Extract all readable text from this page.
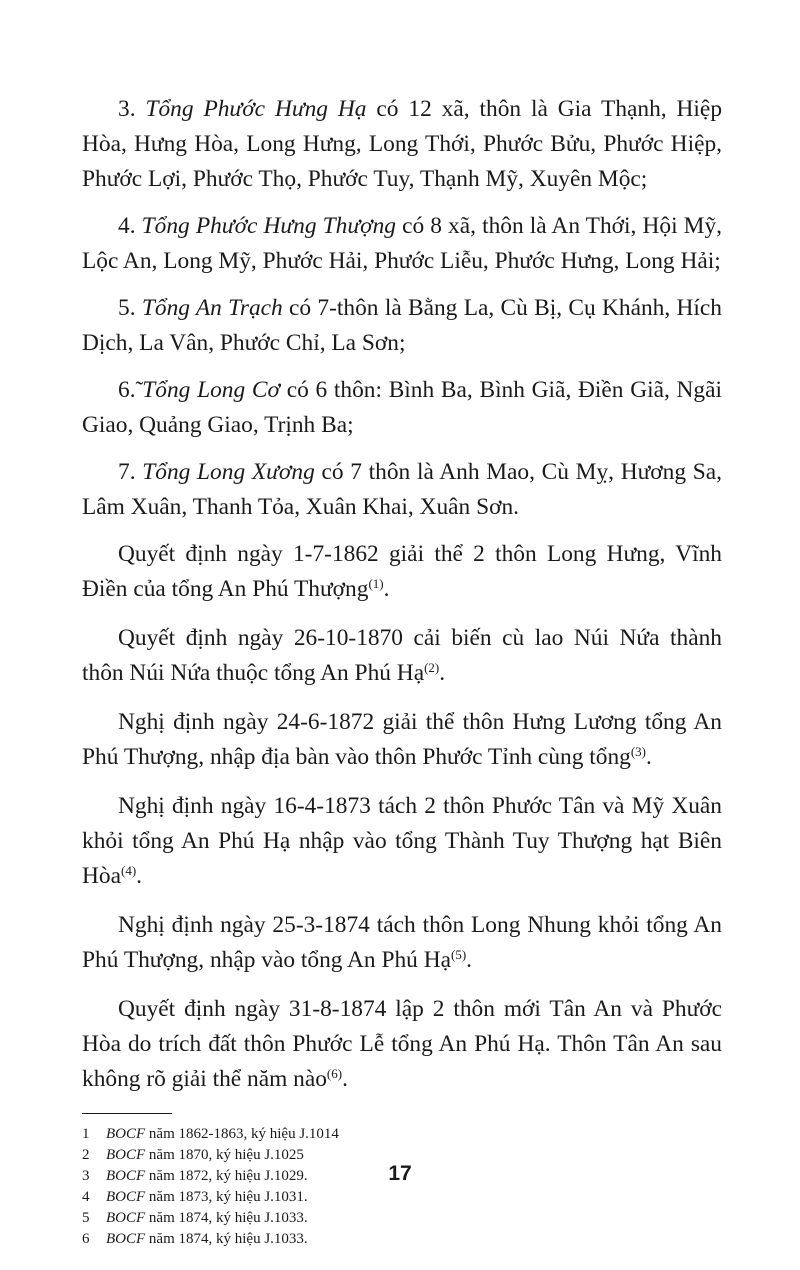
3. Tổng Phước Hưng Hạ có 12 xã, thôn là Gia Thạnh, Hiệp Hòa, Hưng Hòa, Long Hưng, Long Thới, Phước Bửu, Phước Hiệp, Phước Lợi, Phước Thọ, Phước Tuy, Thạnh Mỹ, Xuyên Mộc;

4. Tổng Phước Hưng Thượng có 8 xã, thôn là An Thới, Hội Mỹ, Lộc An, Long Mỹ, Phước Hải, Phước Liễu, Phước Hưng, Long Hải;

5. Tổng An Trạch có 7-thôn là Bằng La, Cù Bị, Cụ Khánh, Hích Dịch, La Vân, Phước Chỉ, La Sơn;

6.̃ Tổng Long Cơ có 6 thôn: Bình Ba, Bình Giã, Điền Giã, Ngãi Giao, Quảng Giao, Trịnh Ba;

7. Tổng Long Xương có 7 thôn là Anh Mao, Cù Mỵ, Hương Sa, Lâm Xuân, Thanh Tỏa, Xuân Khai, Xuân Sơn.

Quyết định ngày 1-7-1862 giải thể 2 thôn Long Hưng, Vĩnh Điền của tổng An Phú Thượng$^{(1)}$.

Quyết định ngày 26-10-1870 cải biến cù lao Núi Nứa thành thôn Núi Nứa thuộc tổng An Phú Hạ$^{(2)}$.

Nghị định ngày 24-6-1872 giải thể thôn Hưng Lương tổng An Phú Thượng, nhập địa bàn vào thôn Phước Tỉnh cùng tổng$^{(3)}$.

Nghị định ngày 16-4-1873 tách 2 thôn Phước Tân và Mỹ Xuân khỏi tổng An Phú Hạ nhập vào tổng Thành Tuy Thượng hạt Biên Hòa$^{(4)}$.

Nghị định ngày 25-3-1874 tách thôn Long Nhung khỏi tổng An Phú Thượng, nhập vào tổng An Phú Hạ$^{(5)}$.

Quyết định ngày 31-8-1874 lập 2 thôn mới Tân An và Phước Hòa do trích đất thôn Phước Lễ tổng An Phú Hạ. Thôn Tân An sau không rõ giải thể năm nào$^{(6)}$.

1 BOCF năm 1862-1863, ký hiệu J.1014

2 BOCF năm 1870, ký hiệu J.1025

3 BOCF năm 1872, ký hiệu J.1029.

4 BOCF năm 1873, ký hiệu J.1031.

5 BOCF năm 1874, ký hiệu J.1033.

6 BOCF năm 1874, ký hiệu J.1033.

17
